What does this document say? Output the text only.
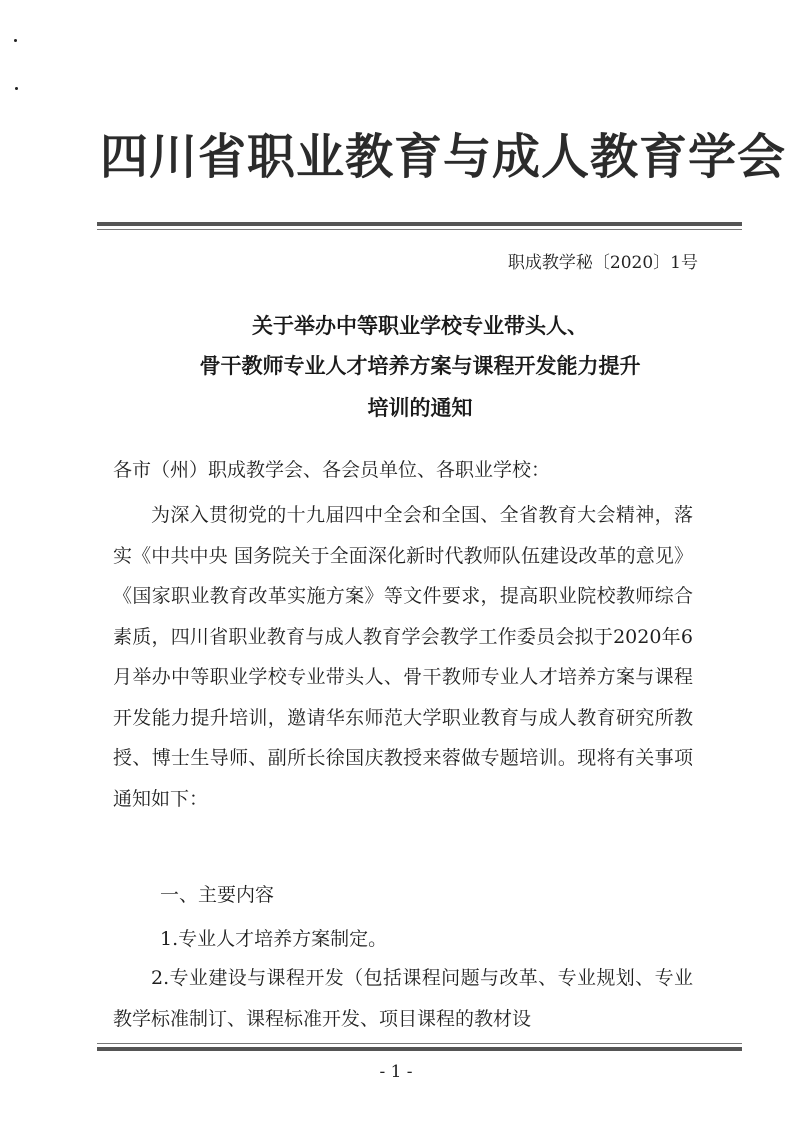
四川省职业教育与成人教育学会
职成教学秘〔2020〕1号
关于举办中等职业学校专业带头人、
骨干教师专业人才培养方案与课程开发能力提升
培训的通知
各市（州）职成教学会、各会员单位、各职业学校：
为深入贯彻党的十九届四中全会和全国、全省教育大会精神，落实《中共中央 国务院关于全面深化新时代教师队伍建设改革的意见》《国家职业教育改革实施方案》等文件要求，提高职业院校教师综合素质，四川省职业教育与成人教育学会教学工作委员会拟于2020年6月举办中等职业学校专业带头人、骨干教师专业人才培养方案与课程开发能力提升培训，邀请华东师范大学职业教育与成人教育研究所教授、博士生导师、副所长徐国庆教授来蓉做专题培训。现将有关事项通知如下：
一、主要内容
1.专业人才培养方案制定。
2.专业建设与课程开发（包括课程问题与改革、专业规划、专业教学标准制订、课程标准开发、项目课程的教材设
- 1 -
